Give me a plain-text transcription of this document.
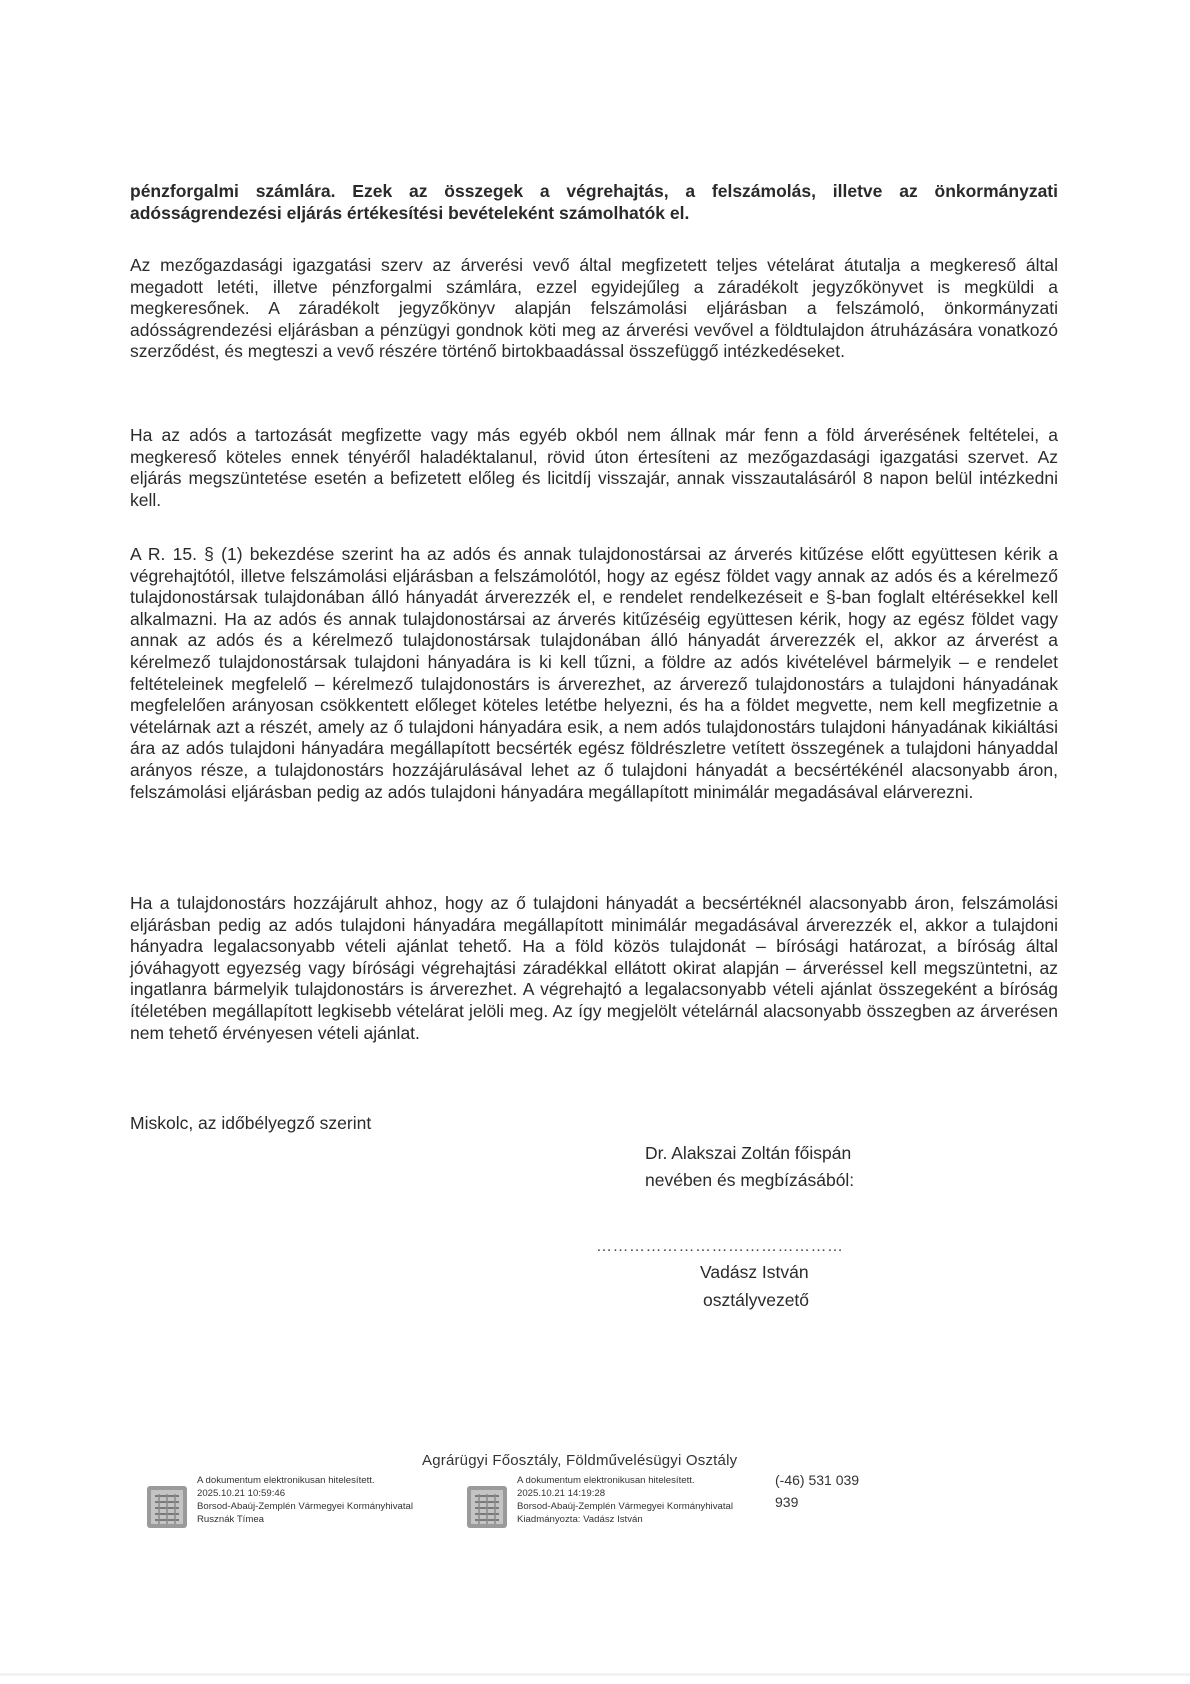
pénzforgalmi számlára. Ezek az összegek a végrehajtás, a felszámolás, illetve az önkormányzati adósságrendezési eljárás értékesítési bevételeként számolhatók el.

Az mezőgazdasági igazgatási szerv az árverési vevő által megfizetett teljes vételárat átutalja a megkereső által megadott letéti, illetve pénzforgalmi számlára, ezzel egyidejűleg a záradékolt jegyzőkönyvet is megküldi a megkeresőnek. A záradékolt jegyzőkönyv alapján felszámolási eljárásban a felszámoló, önkormányzati adósságrendezési eljárásban a pénzügyi gondnok köti meg az árverési vevővel a földtulajdon átruházására vonatkozó szerződést, és megteszi a vevő részére történő birtokbaadással összefüggő intézkedéseket.

Ha az adós a tartozását megfizette vagy más egyéb okból nem állnak már fenn a föld árverésének feltételei, a megkereső köteles ennek tényéről haladéktalanul, rövid úton értesíteni az mezőgazdasági igazgatási szervet. Az eljárás megszüntetése esetén a befizetett előleg és licitdíj visszajár, annak visszautalásáról 8 napon belül intézkedni kell.

A R. 15. § (1) bekezdése szerint ha az adós és annak tulajdonostársai az árverés kitűzése előtt együttesen kérik a végrehajtótól, illetve felszámolási eljárásban a felszámolótól, hogy az egész földet vagy annak az adós és a kérelmező tulajdonostársak tulajdonában álló hányadát árverezzék el, e rendelet rendelkezéseit e §-ban foglalt eltérésekkel kell alkalmazni. Ha az adós és annak tulajdonostársai az árverés kitűzéséig együttesen kérik, hogy az egész földet vagy annak az adós és a kérelmező tulajdonostársak tulajdonában álló hányadát árverezzék el, akkor az árverést a kérelmező tulajdonostársak tulajdoni hányadára is ki kell tűzni, a földre az adós kivételével bármelyik – e rendelet feltételeinek megfelelő – kérelmező tulajdonostárs is árverezhet, az árverező tulajdonostárs a tulajdoni hányadának megfelelően arányosan csökkentett előleget köteles letétbe helyezni, és ha a földet megvette, nem kell megfizetnie a vételárnak azt a részét, amely az ő tulajdoni hányadára esik, a nem adós tulajdonostárs tulajdoni hányadának kikiáltási ára az adós tulajdoni hányadára megállapított becsérték egész földrészletre vetített összegének a tulajdoni hányaddal arányos része, a tulajdonostárs hozzájárulásával lehet az ő tulajdoni hányadát a becsértékénél alacsonyabb áron, felszámolási eljárásban pedig az adós tulajdoni hányadára megállapított minimálár megadásával elárverezni.

Ha a tulajdonostárs hozzájárult ahhoz, hogy az ő tulajdoni hányadát a becsértéknél alacsonyabb áron, felszámolási eljárásban pedig az adós tulajdoni hányadára megállapított minimálár megadásával árverezzék el, akkor a tulajdoni hányadra legalacsonyabb vételi ajánlat tehető. Ha a föld közös tulajdonát – bírósági határozat, a bíróság által jóváhagyott egyezség vagy bírósági végrehajtási záradékkal ellátott okirat alapján – árveréssel kell megszüntetni, az ingatlanra bármelyik tulajdonostárs is árverezhet. A végrehajtó a legalacsonyabb vételi ajánlat összegeként a bíróság ítéletében megállapított legkisebb vételárat jelöli meg. Az így megjelölt vételárnál alacsonyabb összegben az árverésen nem tehető érvényesen vételi ajánlat.

Miskolc, az időbélyegző szerint

Dr. Alakszai Zoltán főispán

nevében és megbízásából:

………………………………………

Vadász István

osztályvezető

Agrárügyi Főosztály, Földművelésügyi Osztály

(-46) 531 039

939

A dokumentum elektronikusan hitelesített.
2025.10.21 10:59:46
Borsod-Abaúj-Zemplén Vármegyei Kormányhivatal
Rusznák Tímea
A dokumentum elektronikusan hitelesített.
2025.10.21 14:19:28
Borsod-Abaúj-Zemplén Vármegyei Kormányhivatal
Kiadmányozta: Vadász István
